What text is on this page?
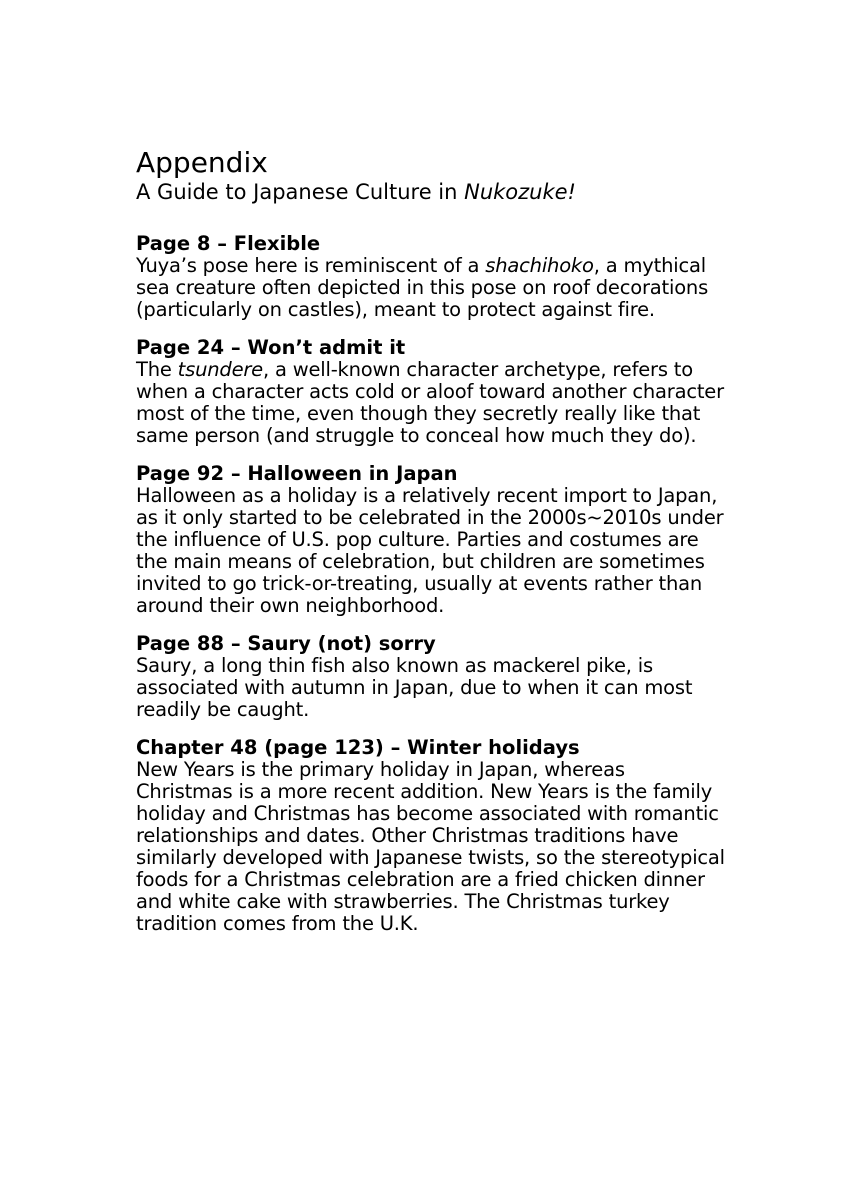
Appendix
A Guide to Japanese Culture in Nukozuke!

Page 8 – Flexible

Yuya’s pose here is reminiscent of a shachihoko, a mythical sea creature often depicted in this pose on roof decorations (particularly on castles), meant to protect against fire.

Page 24 – Won’t admit it

The tsundere, a well-known character archetype, refers to when a character acts cold or aloof toward another character most of the time, even though they secretly really like that same person (and struggle to conceal how much they do).

Page 92 – Halloween in Japan

Halloween as a holiday is a relatively recent import to Japan, as it only started to be celebrated in the 2000s~2010s under the influence of U.S. pop culture. Parties and costumes are the main means of celebration, but children are sometimes invited to go trick-or-treating, usually at events rather than around their own neighborhood.

Page 88 – Saury (not) sorry

Saury, a long thin fish also known as mackerel pike, is associated with autumn in Japan, due to when it can most readily be caught.

Chapter 48 (page 123) – Winter holidays

New Years is the primary holiday in Japan, whereas Christmas is a more recent addition. New Years is the family holiday and Christmas has become associated with romantic relationships and dates. Other Christmas traditions have similarly developed with Japanese twists, so the stereotypical foods for a Christmas celebration are a fried chicken dinner and white cake with strawberries. The Christmas turkey tradition comes from the U.K.
